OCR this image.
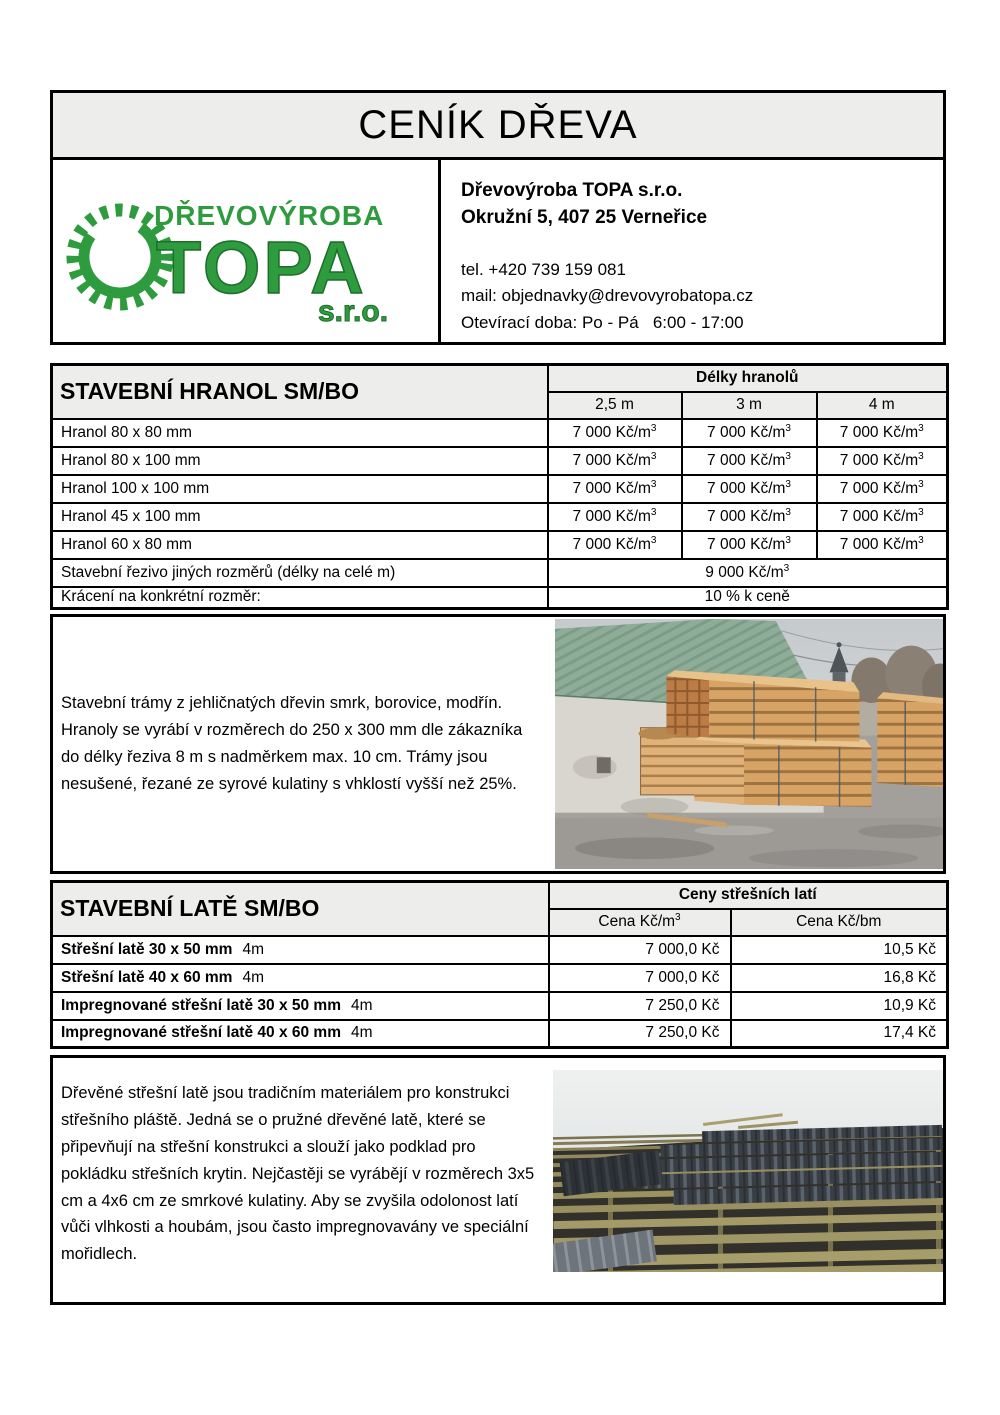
CENÍK DŘEVA
DŘEVOVÝROBA
TOPA
s.r.o.
Dřevovýroba TOPA s.r.o.
Okružní 5, 407 25 Verneřice
tel. +420 739 159 081
mail: objednavky@drevovyrobatopa.cz
Otevírací doba: Po - Pá   6:00 - 17:00
STAVEBNÍ HRANOL SM/BO	Délky hranolů		
	2,5 m	3 m	4 m
Hranol 80 x 80 mm	7 000 $Kč/m^3$	7 000 $Kč/m^3$	7 000 $Kč/m^3$
Hranol 80 x 100 mm	7 000 $Kč/m^3$	7 000 $Kč/m^3$	7 000 $Kč/m^3$
Hranol 100 x 100 mm	7 000 $Kč/m^3$	7 000 $Kč/m^3$	7 000 $Kč/m^3$
Hranol 45 x 100 mm	7 000 $Kč/m^3$	7 000 $Kč/m^3$	7 000 $Kč/m^3$
Hranol 60 x 80 mm	7 000 $Kč/m^3$	7 000 $Kč/m^3$	7 000 $Kč/m^3$
Stavební řezivo jiných rozměrů (délky na celé m)	9 000 $Kč/m^3$
Krácení na konkrétní rozměr:	10 % k ceně		

Stavební trámy z jehličnatých dřevin smrk, borovice, modřín. Hranoly se vyrábí v rozměrech do 250 x 300 mm dle zákazníka do délky řeziva 8 m s nadměrkem max. 10 cm. Trámy jsou nesušené, řezané ze syrové kulatiny s vhklostí vyšší než 25%.

STAVEBNÍ LATĚ SM/BO	Ceny střešních latí	
	Cena $Kč/m^3$	Cena Kč/bm
Střešní latě 30 x 50 mm 4m	7 000,0 Kč	10,5 Kč
Střešní latě 40 x 60 mm 4m	7 000,0 Kč	16,8 Kč
Impregnované střešní latě 30 x 50 mm 4m	7 250,0 Kč	10,9 Kč
Impregnované střešní latě 40 x 60 mm 4m	7 250,0 Kč	17,4 Kč

Dřevěné střešní latě jsou tradičním materiálem pro konstrukci střešního pláště. Jedná se o pružné dřevěné latě, které se připevňují na střešní konstrukci a slouží jako podklad pro pokládku střešních krytin. Nejčastěji se vyrábějí v rozměrech 3x5 cm a 4x6 cm ze smrkové kulatiny. Aby se zvyšila odolonost latí vůči vlhkosti a houbám, jsou často impregnovavány ve speciální mořidlech.
